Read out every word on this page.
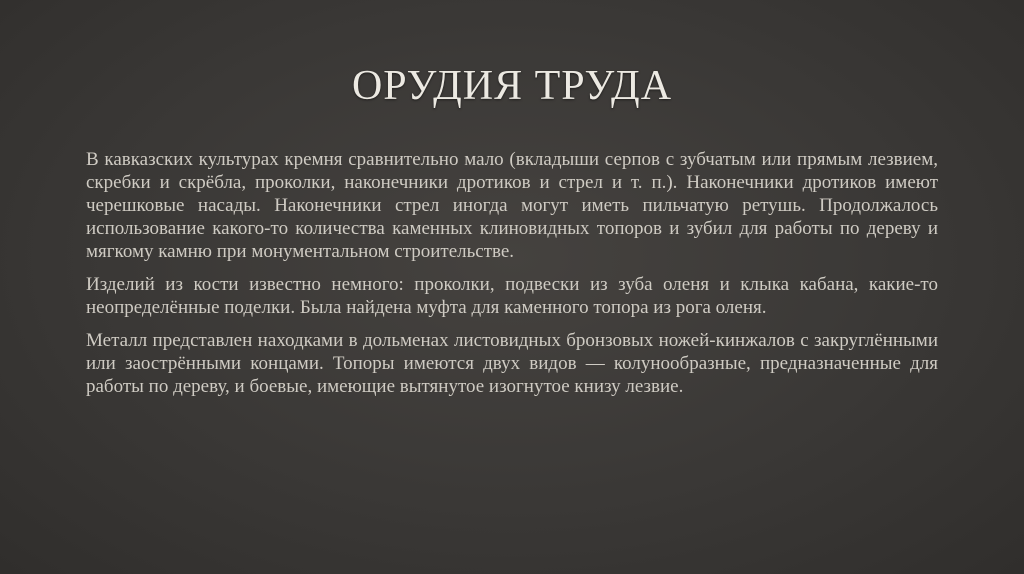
ОРУДИЯ ТРУДА

В кавказских культурах кремня сравнительно мало (вкладыши серпов с зубчатым или прямым лезвием, скребки и скрёбла, проколки, наконечники дротиков и стрел и т. п.). Наконечники дротиков имеют черешковые насады. Наконечники стрел иногда могут иметь пильчатую ретушь. Продолжалось использование какого-то количества каменных клиновидных топоров и зубил для работы по дереву и мягкому камню при монументальном строительстве.

Изделий из кости известно немного: проколки, подвески из зуба оленя и клыка кабана, какие-то неопределённые поделки. Была найдена муфта для каменного топора из рога оленя.

Металл представлен находками в дольменах листовидных бронзовых ножей-кинжалов с закруглёнными или заострёнными концами. Топоры имеются двух видов — колунообразные, предназначенные для работы по дереву, и боевые, имеющие вытянутое изогнутое книзу лезвие.
